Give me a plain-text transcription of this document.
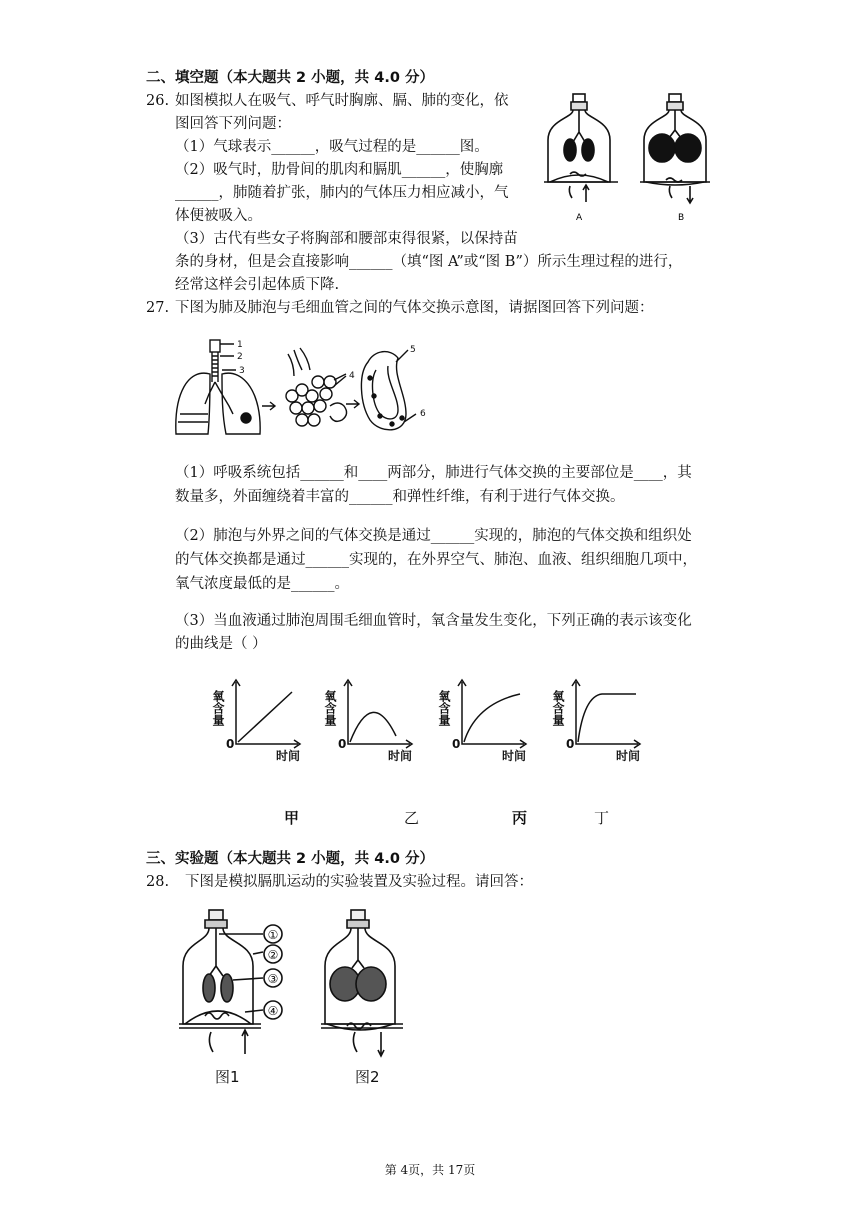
二、填空题（本大题共 2 小题，共 4.0 分）
26. 如图模拟人在吸气、呼气时胸廓、膈、肺的变化，依
图回答下列问题：
（1）气球表示______，吸气过程的是______图。
（2）吸气时，肋骨间的肌肉和膈肌______，使胸廓
______，肺随着扩张，肺内的气体压力相应减小，气
体便被吸入。
（3）古代有些女子将胸部和腰部束得很紧，以保持苗
条的身材，但是会直接影响______（填“图 A”或“图 B”）所示生理过程的进行，
经常这样会引起体质下降.
A	B
27. 下图为肺及肺泡与毛细血管之间的气体交换示意图，请据图回答下列问题：
1
2
3	4
5
6
（1）呼吸系统包括______和____两部分，肺进行气体交换的主要部位是____，其
数量多，外面缠绕着丰富的______和弹性纤维，有利于进行气体交换。
（2）肺泡与外界之间的气体交换是通过______实现的，肺泡的气体交换和组织处
的气体交换都是通过______实现的，在外界空气、肺泡、血液、组织细胞几项中，
氧气浓度最低的是______。
（3）当血液通过肺泡周围毛细血管时，氧含量发生变化，下列正确的表示该变化
的曲线是（ ）
氧含量	氧含量	氧含量	氧含量
0	0	0	0
时间	时间	时间	时间
甲	乙	丙	丁
三、实验题（本大题共 2 小题，共 4.0 分）
28. 下图是模拟膈肌运动的实验装置及实验过程。请回答：
①
②
③
④
图1	图2
第 4页，共 17页
